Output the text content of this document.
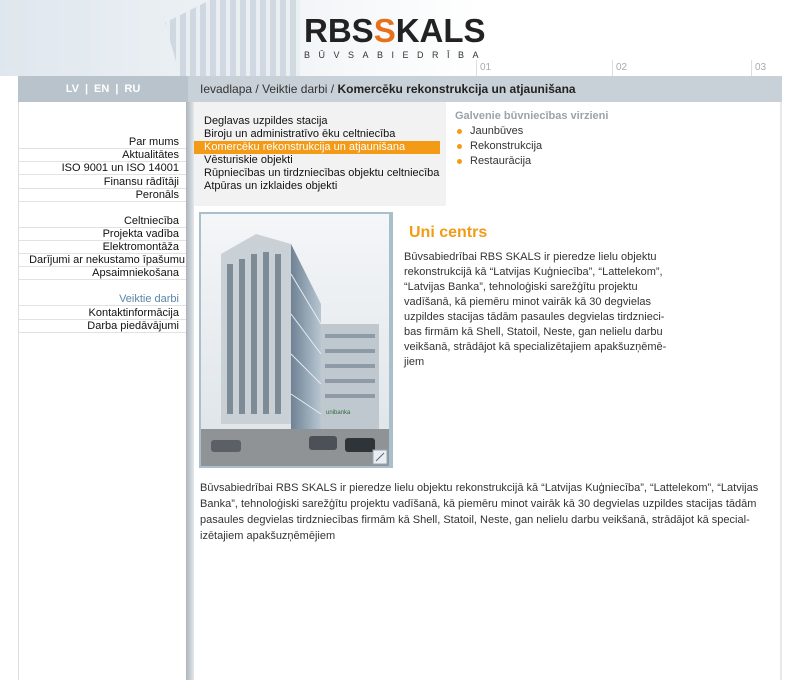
RBSSKALS
BŪVSABIEDRĪBA
01	02	03
LV | EN | RU	Ievadlapa / Veiktie darbi / Komercēku rekonstrukcija un atjaunišana
Par mums
Aktualitātes
ISO 9001 un ISO 14001
Finansu rādītāji
Peronāls
Celtniecība
Projekta vadība
Elektromontāža
Darījumi ar nekustamo īpašumu
Apsaimniekošana
Veiktie darbi
Kontaktinformācija
Darba piedāvājumi
Deglavas uzpildes stacija
Biroju un administratīvo ēku celtniecība
Komercēku rekonstrukcija un atjaunišana
Vēsturiskie objekti
Rūpniecības un tirdzniecības objektu celtniecība
Atpūras un izklaides objekti
Galvenie būvniecības virzieni
Jaunbūves
Rekonstrukcija
Restaurācija
unibanka
Uni centrs
Būvsabiedrībai RBS SKALS ir pieredze lielu objektu rekonstrukcijā kā “Latvijas Kuģniecība”, “Lattelekom”, “Latvijas Banka”, tehnoloģiski sarežģītu projektu vadīšanā, kā piemēru minot vairāk kā 30 degvielas uzpildes stacijas tādām pasaules degvielas tirdznieci-bas firmām kā Shell, Statoil, Neste, gan nelielu darbu veikšanā, strādājot kā specializētajiem apakšuzņēmē-jiem
Būvsabiedrībai RBS SKALS ir pieredze lielu objektu rekonstrukcijā kā “Latvijas Kuģniecība”, “Lattelekom”, “Latvijas Banka”, tehnoloģiski sarežģītu projektu vadīšanā, kā piemēru minot vairāk kā 30 degvielas uzpildes stacijas tādām pasaules degvielas tirdzniecības firmām kā Shell, Statoil, Neste, gan nelielu darbu veikšanā, strādājot kā special-izētajiem apakšuzņēmējiem
